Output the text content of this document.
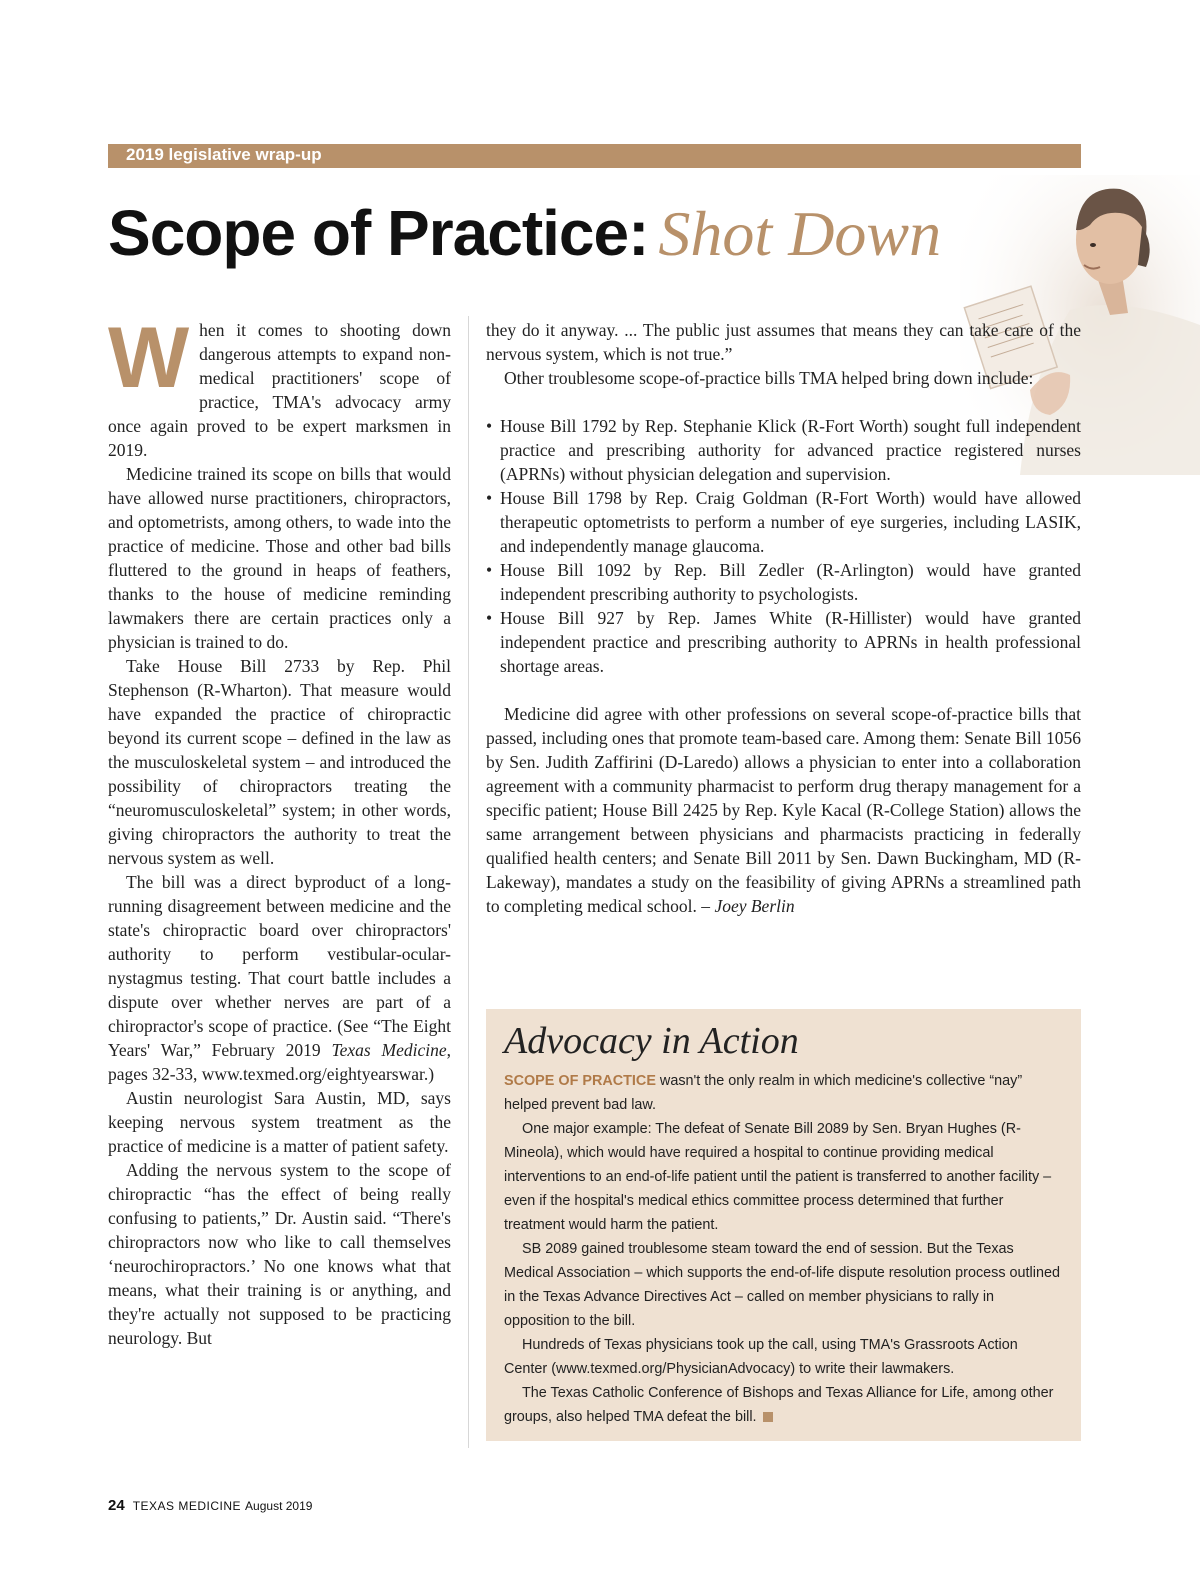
2019 legislative wrap-up
Scope of Practice: Shot Down

When it comes to shooting down dangerous attempts to expand non-medical practitioners' scope of practice, TMA's advocacy army once again proved to be expert marksmen in 2019.

Medicine trained its scope on bills that would have allowed nurse practitioners, chiropractors, and optometrists, among others, to wade into the practice of medicine. Those and other bad bills fluttered to the ground in heaps of feathers, thanks to the house of medicine reminding lawmakers there are certain practices only a physician is trained to do.

Take House Bill 2733 by Rep. Phil Stephenson (R-Wharton). That measure would have expanded the practice of chiropractic beyond its current scope – defined in the law as the musculoskeletal system – and introduced the possibility of chiropractors treating the “neuromusculoskeletal” system; in other words, giving chiropractors the authority to treat the nervous system as well.

The bill was a direct byproduct of a long-running disagreement between medicine and the state's chiropractic board over chiropractors' authority to perform vestibular-ocular-nystagmus testing. That court battle includes a dispute over whether nerves are part of a chiropractor's scope of practice. (See “The Eight Years' War,” February 2019 Texas Medicine, pages 32-33, www.texmed.org/eightyearswar.)

Austin neurologist Sara Austin, MD, says keeping nervous system treatment as the practice of medicine is a matter of patient safety.

Adding the nervous system to the scope of chiropractic “has the effect of being really confusing to patients,” Dr. Austin said. “There's chiropractors now who like to call themselves ‘neurochiropractors.’ No one knows what that means, what their training is or anything, and they're actually not supposed to be practicing neurology. But

they do it anyway. ... The public just assumes that means they can take care of the nervous system, which is not true.”

Other troublesome scope-of-practice bills TMA helped bring down include:

• House Bill 1792 by Rep. Stephanie Klick (R-Fort Worth) sought full independent practice and prescribing authority for advanced practice registered nurses (APRNs) without physician delegation and supervision.
• House Bill 1798 by Rep. Craig Goldman (R-Fort Worth) would have allowed therapeutic optometrists to perform a number of eye surgeries, including LASIK, and independently manage glaucoma.
• House Bill 1092 by Rep. Bill Zedler (R-Arlington) would have granted independent prescribing authority to psychologists.
• House Bill 927 by Rep. James White (R-Hillister) would have granted independent practice and prescribing authority to APRNs in health professional shortage areas.

Medicine did agree with other professions on several scope-of-practice bills that passed, including ones that promote team-based care. Among them: Senate Bill 1056 by Sen. Judith Zaffirini (D-Laredo) allows a physician to enter into a collaboration agreement with a community pharmacist to perform drug therapy management for a specific patient; House Bill 2425 by Rep. Kyle Kacal (R-College Station) allows the same arrangement between physicians and pharmacists practicing in federally qualified health centers; and Senate Bill 2011 by Sen. Dawn Buckingham, MD (R-Lakeway), mandates a study on the feasibility of giving APRNs a streamlined path to completing medical school. – Joey Berlin

Advocacy in Action

SCOPE OF PRACTICE wasn't the only realm in which medicine's collective “nay” helped prevent bad law.

One major example: The defeat of Senate Bill 2089 by Sen. Bryan Hughes (R-Mineola), which would have required a hospital to continue providing medical interventions to an end-of-life patient until the patient is transferred to another facility – even if the hospital's medical ethics committee process determined that further treatment would harm the patient.

SB 2089 gained troublesome steam toward the end of session. But the Texas Medical Association – which supports the end-of-life dispute resolution process outlined in the Texas Advance Directives Act – called on member physicians to rally in opposition to the bill.

Hundreds of Texas physicians took up the call, using TMA's Grassroots Action Center (www.texmed.org/PhysicianAdvocacy) to write their lawmakers.

The Texas Catholic Conference of Bishops and Texas Alliance for Life, among other groups, also helped TMA defeat the bill.

24 TEXAS MEDICINE August 2019
